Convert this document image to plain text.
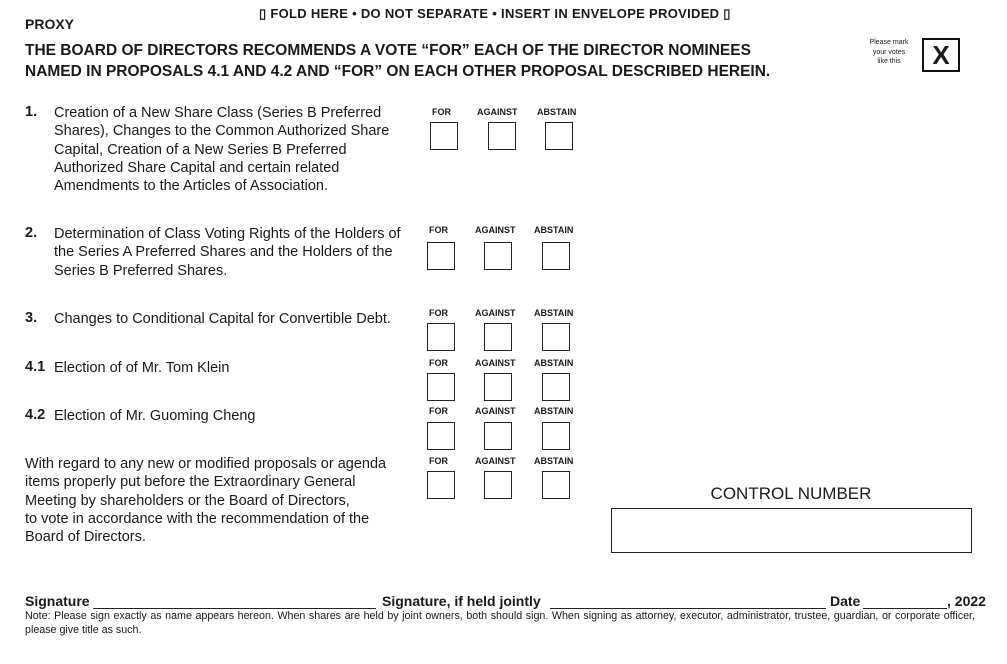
▯ FOLD HERE • DO NOT SEPARATE • INSERT IN ENVELOPE PROVIDED ▯
PROXY
THE BOARD OF DIRECTORS RECOMMENDS A VOTE “FOR” EACH OF THE DIRECTOR NOMINEES
NAMED IN PROPOSALS 4.1 AND 4.2 AND “FOR” ON EACH OTHER PROPOSAL DESCRIBED HEREIN.
Please mark
your votes
like this	X
1. Creation of a New Share Class (Series B Preferred
Shares), Changes to the Common Authorized Share
Capital, Creation of a New Series B Preferred
Authorized Share Capital and certain related
Amendments to the Articles of Association.
FOR	AGAINST ABSTAIN
2. Determination of Class Voting Rights of the Holders of
the Series A Preferred Shares and the Holders of the
Series B Preferred Shares.
FOR	AGAINST ABSTAIN
3. Changes to Conditional Capital for Convertible Debt.	FOR	AGAINST ABSTAIN
4.1 Election of of Mr. Tom Klein	FOR	AGAINST ABSTAIN
4.2 Election of Mr. Guoming Cheng	FOR	AGAINST ABSTAIN
With regard to any new or modified proposals or agenda
items properly put before the Extraordinary General
Meeting by shareholders or the Board of Directors,
to vote in accordance with the recommendation of the
Board of Directors.
FOR	AGAINST ABSTAIN
CONTROL NUMBER
Signature	Signature, if held jointly	Date	, 2022
Note: Please sign exactly as name appears hereon. When shares are held by joint owners, both should sign. When signing as attorney, executor, administrator, trustee, guardian, or corporate officer, please give title as such.
